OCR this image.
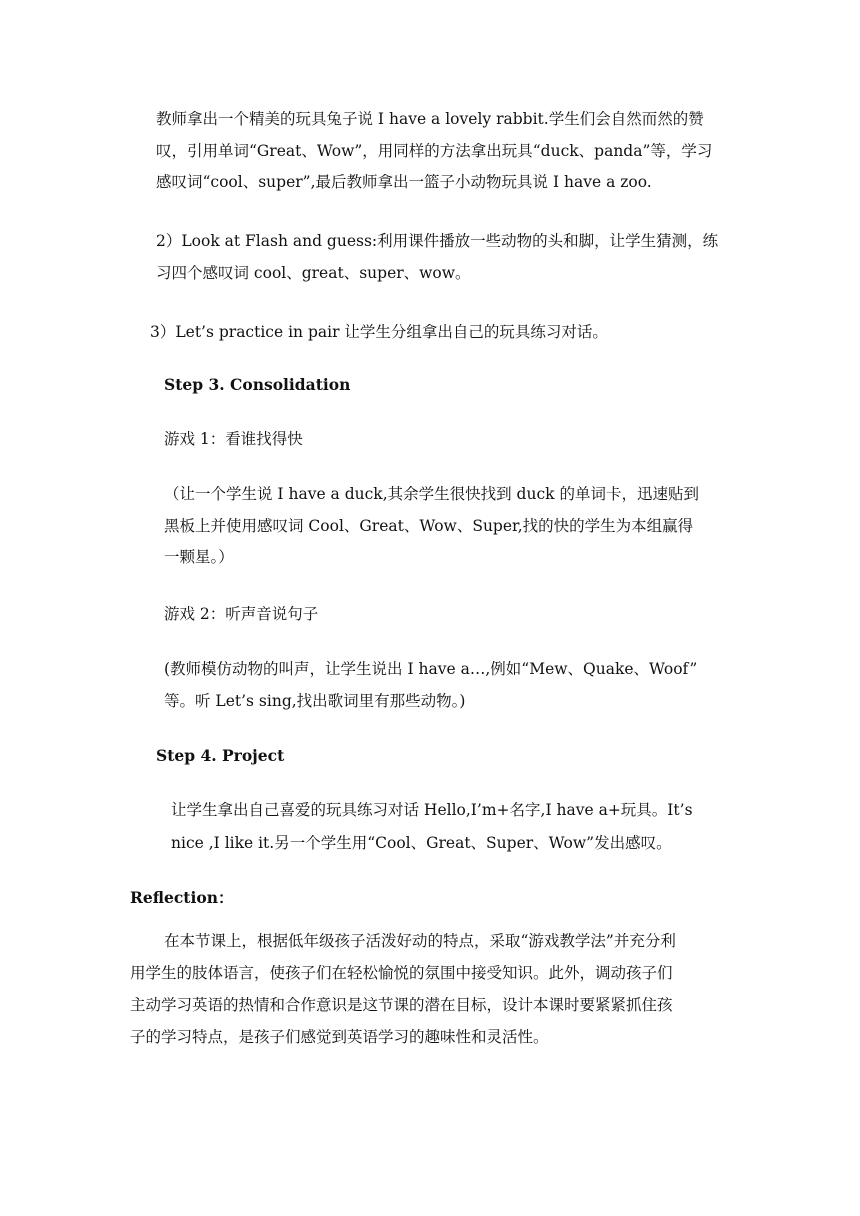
教师拿出一个精美的玩具兔子说 I have a lovely rabbit.学生们会自然而然的赞
叹，引用单词“Great、Wow”，用同样的方法拿出玩具“duck、panda”等，学习
感叹词“cool、super”,最后教师拿出一篮子小动物玩具说 I have a zoo.
2）Look at Flash and guess:利用课件播放一些动物的头和脚，让学生猜测，练
习四个感叹词 cool、great、super、wow。
3）Let’s practice in pair 让学生分组拿出自己的玩具练习对话。
Step 3. Consolidation
游戏 1：看谁找得快
（让一个学生说 I have a duck,其余学生很快找到 duck 的单词卡，迅速贴到
黑板上并使用感叹词 Cool、Great、Wow、Super,找的快的学生为本组赢得
一颗星。）
游戏 2：听声音说句子
(教师模仿动物的叫声，让学生说出 I have a…,例如“Mew、Quake、Woof”
等。听 Let’s sing,找出歌词里有那些动物。)
Step 4. Project
让学生拿出自己喜爱的玩具练习对话 Hello,I’m+名字,I have a+玩具。It’s
nice ,I like it.另一个学生用“Cool、Great、Super、Wow”发出感叹。
Reflection：
在本节课上，根据低年级孩子活泼好动的特点，采取“游戏教学法”并充分利
用学生的肢体语言，使孩子们在轻松愉悦的氛围中接受知识。此外，调动孩子们
主动学习英语的热情和合作意识是这节课的潜在目标，设计本课时要紧紧抓住孩
子的学习特点，是孩子们感觉到英语学习的趣味性和灵活性。
